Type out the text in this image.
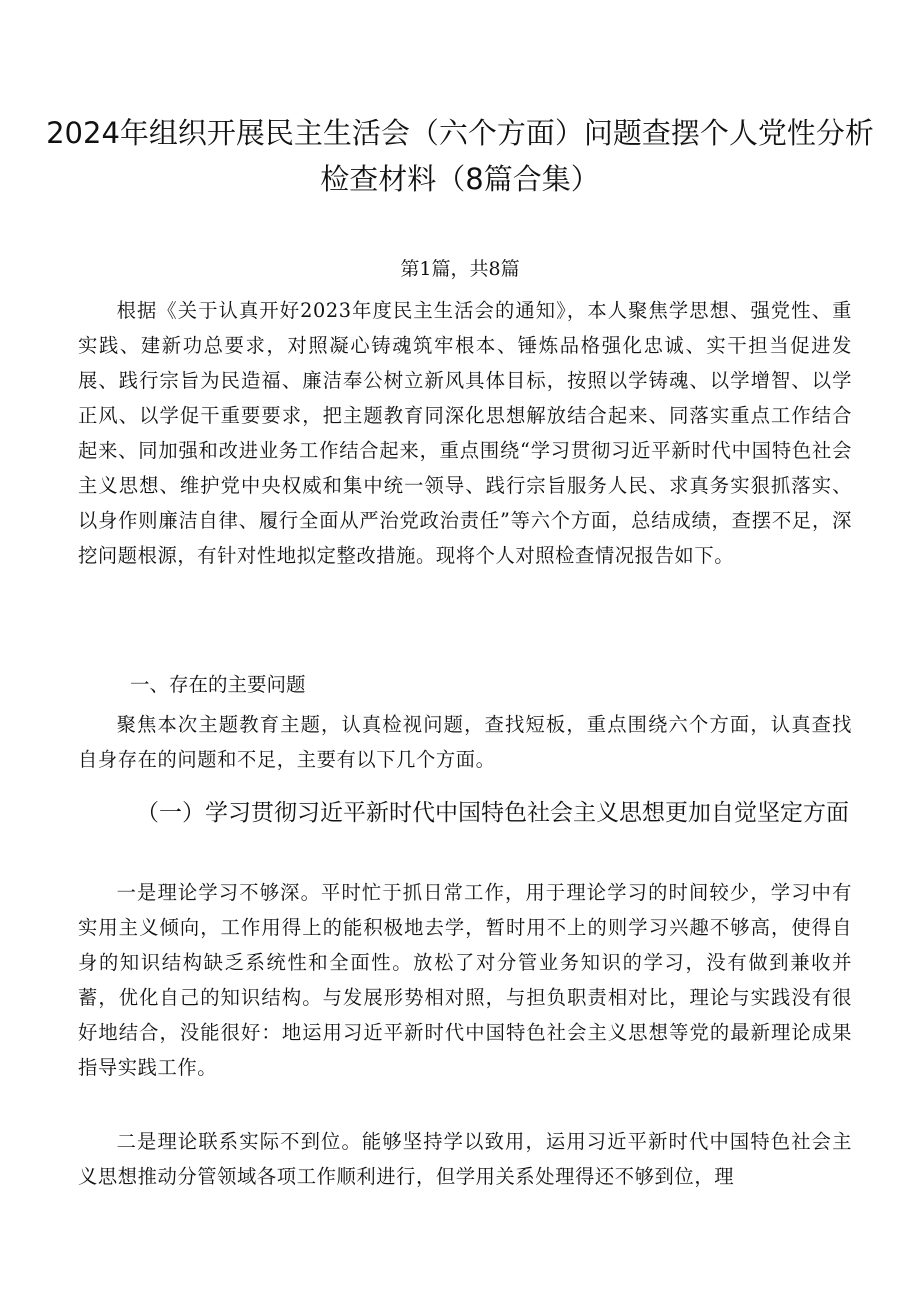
2024年组织开展民主生活会（六个方面）问题查摆个人党性分析检查材料（8篇合集）
第1篇，共8篇

根据《关于认真开好2023年度民主生活会的通知》，本人聚焦学思想、强党性、重实践、建新功总要求，对照凝心铸魂筑牢根本、锤炼品格强化忠诚、实干担当促进发展、践行宗旨为民造福、廉洁奉公树立新风具体目标，按照以学铸魂、以学增智、以学正风、以学促干重要要求，把主题教育同深化思想解放结合起来、同落实重点工作结合起来、同加强和改进业务工作结合起来，重点围绕“学习贯彻习近平新时代中国特色社会主义思想、维护党中央权威和集中统一领导、践行宗旨服务人民、求真务实狠抓落实、以身作则廉洁自律、履行全面从严治党政治责任”等六个方面，总结成绩，查摆不足，深挖问题根源，有针对性地拟定整改措施。现将个人对照检查情况报告如下。

一、存在的主要问题

聚焦本次主题教育主题，认真检视问题，查找短板，重点围绕六个方面，认真查找自身存在的问题和不足，主要有以下几个方面。

（一）学习贯彻习近平新时代中国特色社会主义思想更加自觉坚定方面

一是理论学习不够深。平时忙于抓日常工作，用于理论学习的时间较少，学习中有实用主义倾向，工作用得上的能积极地去学，暂时用不上的则学习兴趣不够高，使得自身的知识结构缺乏系统性和全面性。放松了对分管业务知识的学习，没有做到兼收并蓄，优化自己的知识结构。与发展形势相对照，与担负职责相对比，理论与实践没有很好地结合，没能很好：地运用习近平新时代中国特色社会主义思想等党的最新理论成果指导实践工作。

二是理论联系实际不到位。能够坚持学以致用，运用习近平新时代中国特色社会主义思想推动分管领域各项工作顺利进行，但学用关系处理得还不够到位，理
